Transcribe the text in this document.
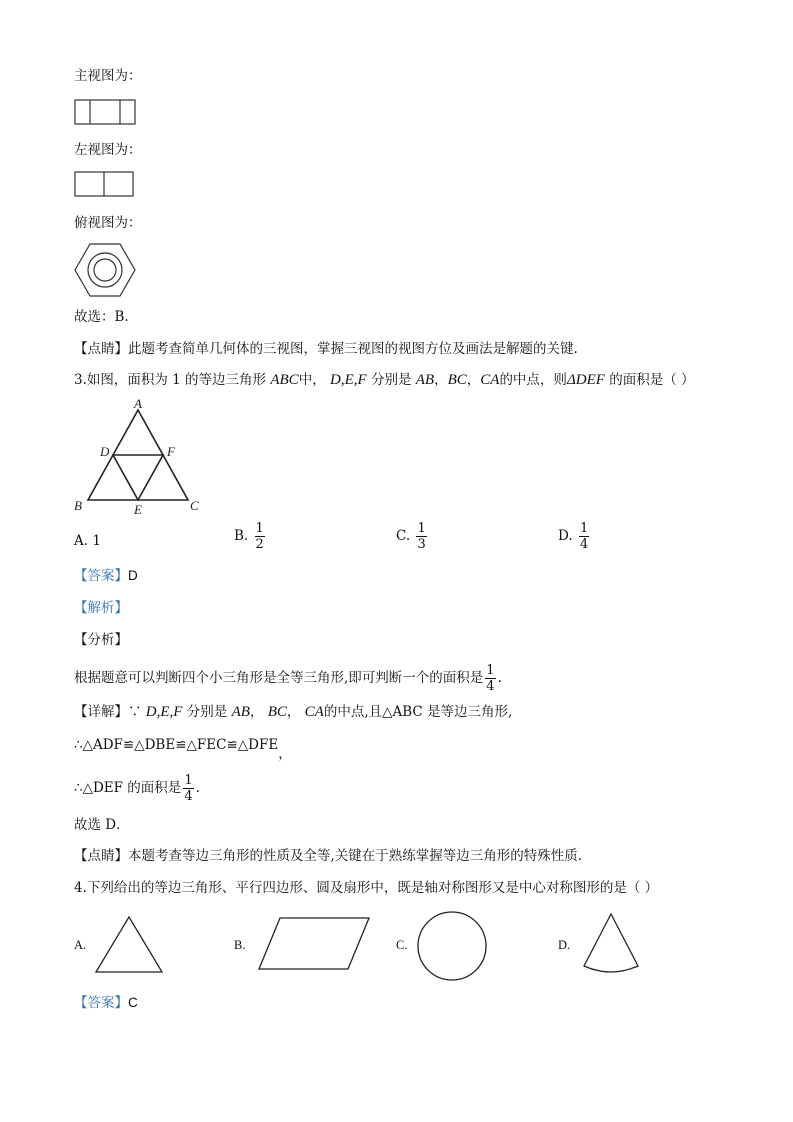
主视图为：
左视图为：
俯视图为：
故选：B.
【点睛】此题考查简单几何体的三视图，掌握三视图的视图方位及画法是解题的关键.
3.如图，面积为 1 的等边三角形 ABC中， D,E,F 分别是 AB，BC，CA的中点，则ΔDEF 的面积是（ ）
A
B	C
D
E
F
A. 1	B. $\frac{1}{2}$	C. $\frac{1}{3}$	D. $\frac{1}{4}$
【答案】D
【解析】
【分析】
根据题意可以判断四个小三角形是全等三角形,即可判断一个的面积是 $\frac{1}{4}$ .
【详解】∵ D,E,F 分别是 AB， BC， CA的中点,且△ABC 是等边三角形,
∴△ADF≌△DBE≌△FEC≌△DFE，
∴△DEF 的面积是 $\frac{1}{4}$ .
故选 D．
【点睛】本题考查等边三角形的性质及全等,关键在于熟练掌握等边三角形的特殊性质.
4.下列给出的等边三角形、平行四边形、圆及扇形中，既是轴对称图形又是中心对称图形的是（ ）
A.	B.	C.	D.
【答案】C
